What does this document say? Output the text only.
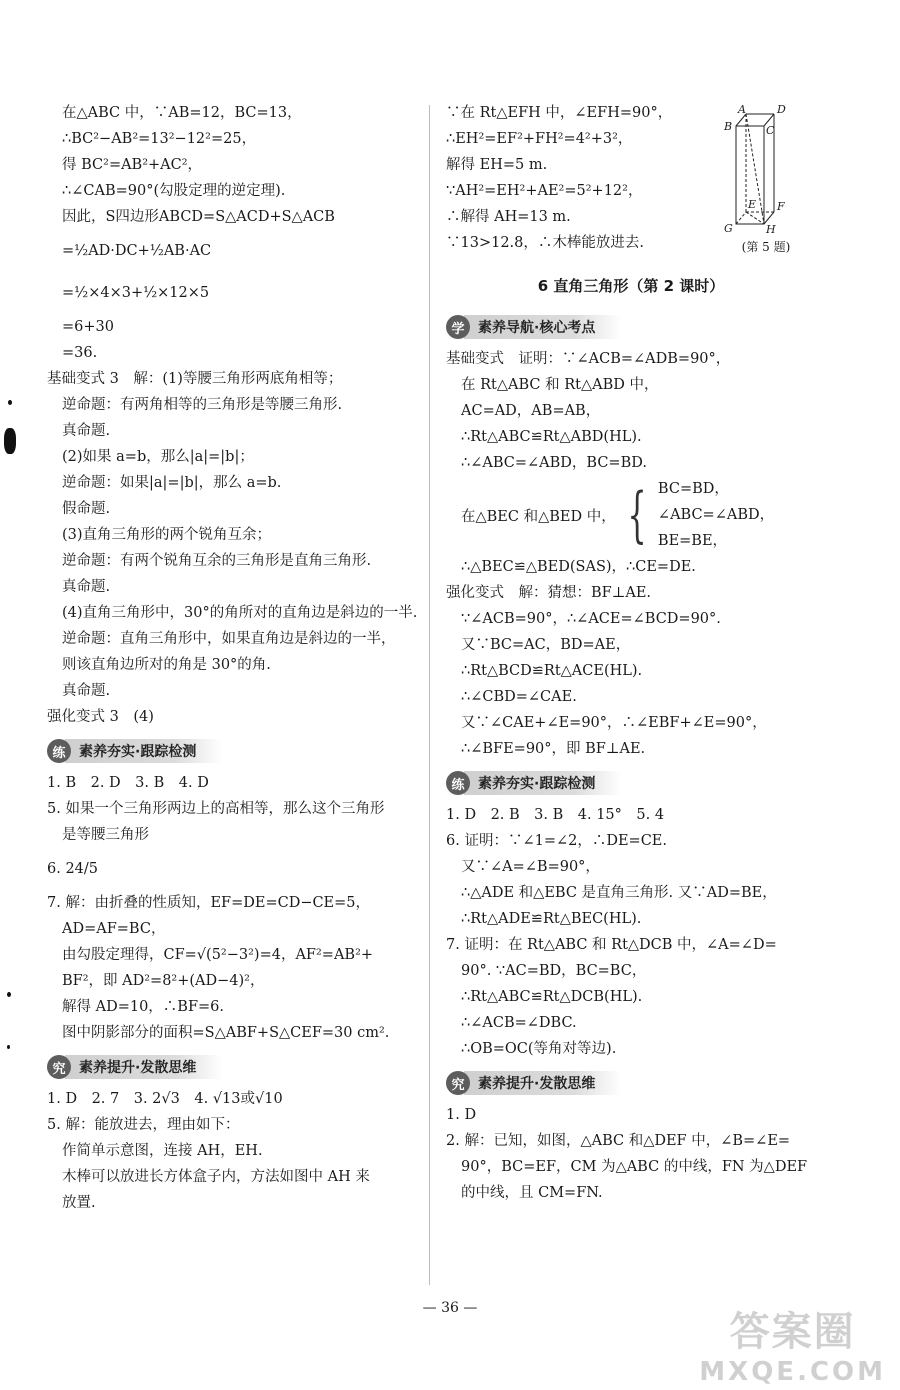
在△ABC 中，∵AB=12，BC=13，
∴BC²−AB²=13²−12²=25，
得 BC²=AB²+AC²，
∴∠CAB=90°(勾股定理的逆定理).
因此，S四边形ABCD=S△ACD+S△ACB
=½AD·DC+½AB·AC
=½×4×3+½×12×5
=6+30
=36.
基础变式 3　解：(1)等腰三角形两底角相等；
逆命题：有两角相等的三角形是等腰三角形.
真命题.
(2)如果 a=b，那么|a|=|b|；
逆命题：如果|a|=|b|，那么 a=b.
假命题.
(3)直角三角形的两个锐角互余；
逆命题：有两个锐角互余的三角形是直角三角形.
真命题.
(4)直角三角形中，30°的角所对的直角边是斜边的一半.
逆命题：直角三角形中，如果直角边是斜边的一半，
则该直角边所对的角是 30°的角.
真命题.
强化变式 3　(4)
练 素养夯实·跟踪检测
1. B　2. D　3. B　4. D
5. 如果一个三角形两边上的高相等，那么这个三角形
是等腰三角形
6. 24/5
7. 解：由折叠的性质知，EF=DE=CD−CE=5，
AD=AF=BC，
由勾股定理得，CF=√(5²−3²)=4，AF²=AB²+
BF²，即 AD²=8²+(AD−4)²，
解得 AD=10，∴BF=6.
图中阴影部分的面积=S△ABF+S△CEF=30 cm².
究 素养提升·发散思维
1. D　2. 7　3. 2√3　4. √13或√10
5. 解：能放进去，理由如下：
作简单示意图，连接 AH，EH.
木棒可以放进长方体盒子内，方法如图中 AH 来
放置.
A	D
B	C
E F
G	H
(第 5 题)
∵在 Rt△EFH 中，∠EFH=90°，
∴EH²=EF²+FH²=4²+3²，
解得 EH=5 m.
∵AH²=EH²+AE²=5²+12²，
∴解得 AH=13 m.
∵13>12.8，∴木棒能放进去.
6 直角三角形（第 2 课时）
学 素养导航·核心考点
基础变式　证明：∵∠ACB=∠ADB=90°，
在 Rt△ABC 和 Rt△ABD 中，
AC=AD，AB=AB，
∴Rt△ABC≌Rt△ABD(HL).
∴∠ABC=∠ABD，BC=BD.
在△BEC 和△BED 中， { BC=BD，
∠ABC=∠ABD，
BE=BE，
∴△BEC≌△BED(SAS)，∴CE=DE.
强化变式　解：猜想：BF⊥AE.
∵∠ACB=90°，∴∠ACE=∠BCD=90°.
又∵BC=AC，BD=AE，
∴Rt△BCD≌Rt△ACE(HL).
∴∠CBD=∠CAE.
又∵∠CAE+∠E=90°，∴∠EBF+∠E=90°，
∴∠BFE=90°，即 BF⊥AE.
练 素养夯实·跟踪检测
1. D　2. B　3. B　4. 15°　5. 4
6. 证明：∵∠1=∠2，∴DE=CE.
又∵∠A=∠B=90°，
∴△ADE 和△EBC 是直角三角形. 又∵AD=BE，
∴Rt△ADE≌Rt△BEC(HL).
7. 证明：在 Rt△ABC 和 Rt△DCB 中，∠A=∠D=
90°. ∵AC=BD，BC=BC，
∴Rt△ABC≌Rt△DCB(HL).
∴∠ACB=∠DBC.
∴OB=OC(等角对等边).
究 素养提升·发散思维
1. D
2. 解：已知，如图，△ABC 和△DEF 中，∠B=∠E=
90°，BC=EF，CM 为△ABC 的中线，FN 为△DEF
的中线，且 CM=FN.
— 36 —
答案圈
MXQE.COM
